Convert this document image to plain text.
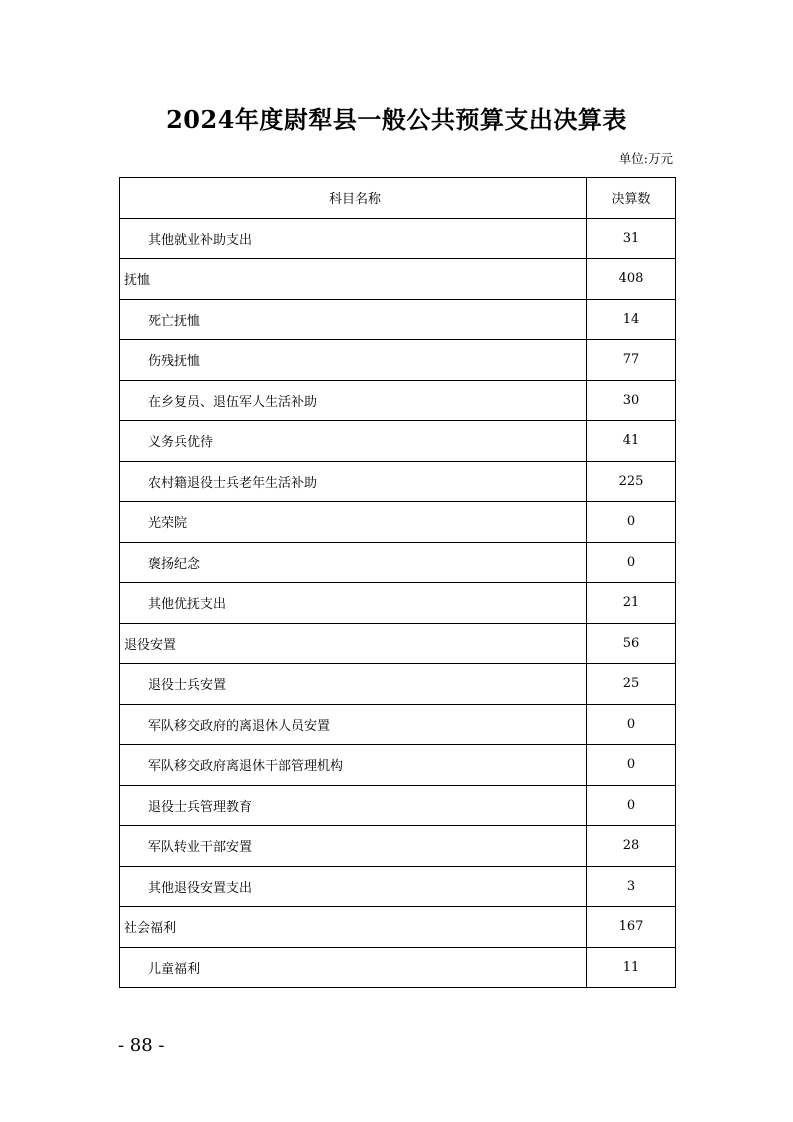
2024年度尉犁县一般公共预算支出决算表
单位:万元
科目名称	决算数
其他就业补助支出	31
抚恤	408
死亡抚恤	14
伤残抚恤	77
在乡复员、退伍军人生活补助	30
义务兵优待	41
农村籍退役士兵老年生活补助	225
光荣院	0
褒扬纪念	0
其他优抚支出	21
退役安置	56
退役士兵安置	25
军队移交政府的离退休人员安置	0
军队移交政府离退休干部管理机构	0
退役士兵管理教育	0
军队转业干部安置	28
其他退役安置支出	3
社会福利	167
儿童福利	11
- 88 -
